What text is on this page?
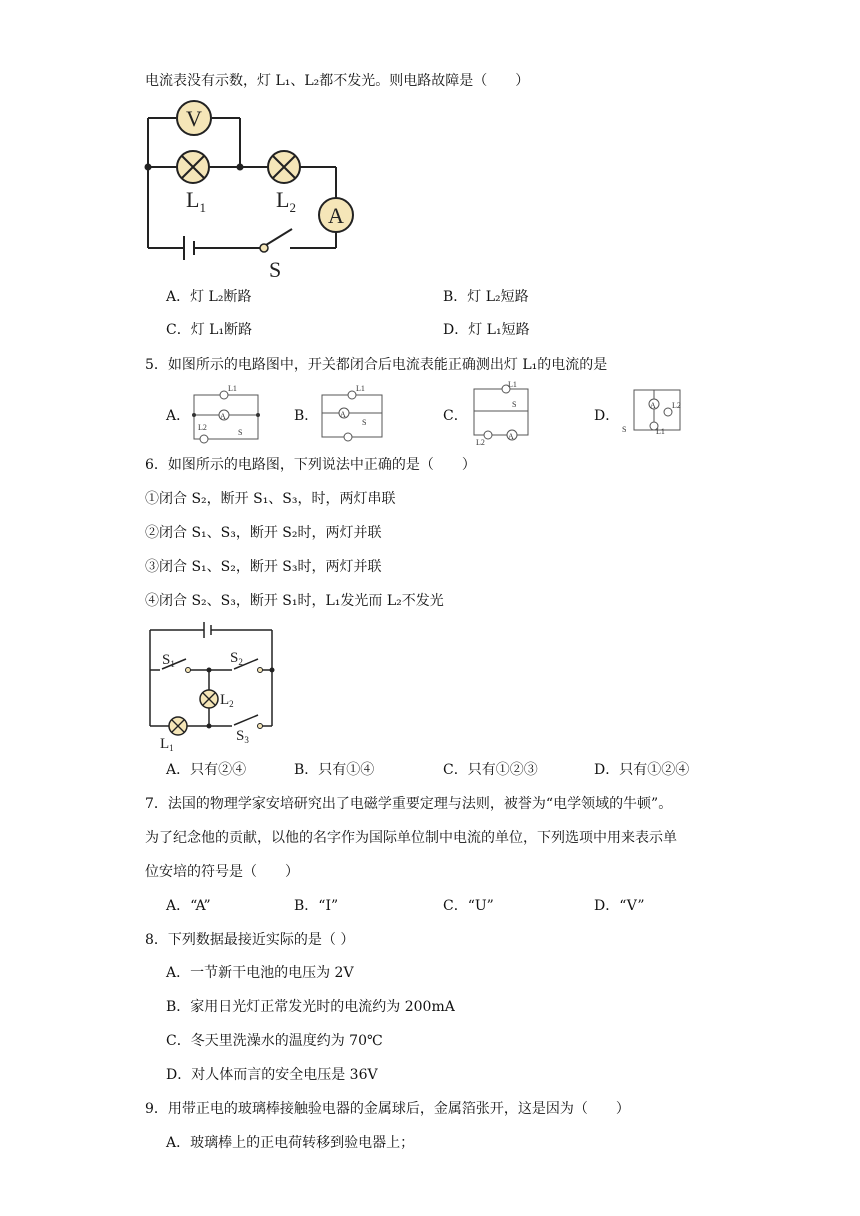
电流表没有示数，灯 L₁、L₂都不发光。则电路故障是（　　）
V
$L_1$	$L_2$ A
S
A．灯 L₂断路	B．灯 L₂短路
C．灯 L₁断路	D．灯 L₁短路
5．如图所示的电路图中，开关都闭合后电流表能正确测出灯 L₁的电流的是
A．
L1
A
L2
S
B．
L1
A
S	C．
L1
S
A
L2
D．
A L2
S	L1
6．如图所示的电路图，下列说法中正确的是（　　）
①闭合 S₂，断开 S₁、S₃，时，两灯串联
②闭合 S₁、S₃，断开 S₂时，两灯并联
③闭合 S₁、S₂，断开 S₃时，两灯并联
④闭合 S₂、S₃，断开 S₁时，L₁发光而 L₂不发光
$S_1$	$S_2$
$L_2$
$S_3$
$L_1$
A．只有②④	B．只有①④	C．只有①②③	D．只有①②④
7．法国的物理学家安培研究出了电磁学重要定理与法则，被誉为“电学领域的牛顿”。
为了纪念他的贡献，以他的名字作为国际单位制中电流的单位，下列选项中用来表示单
位安培的符号是（　　）
A．“A”	B．“I”	C．“U”	D．“V”
8．下列数据最接近实际的是（ ）
A．一节新干电池的电压为 2V
B．家用日光灯正常发光时的电流约为 200mA
C．冬天里洗澡水的温度约为 70℃
D．对人体而言的安全电压是 36V
9．用带正电的玻璃棒接触验电器的金属球后，金属箔张开，这是因为（　　）
A．玻璃棒上的正电荷转移到验电器上；
